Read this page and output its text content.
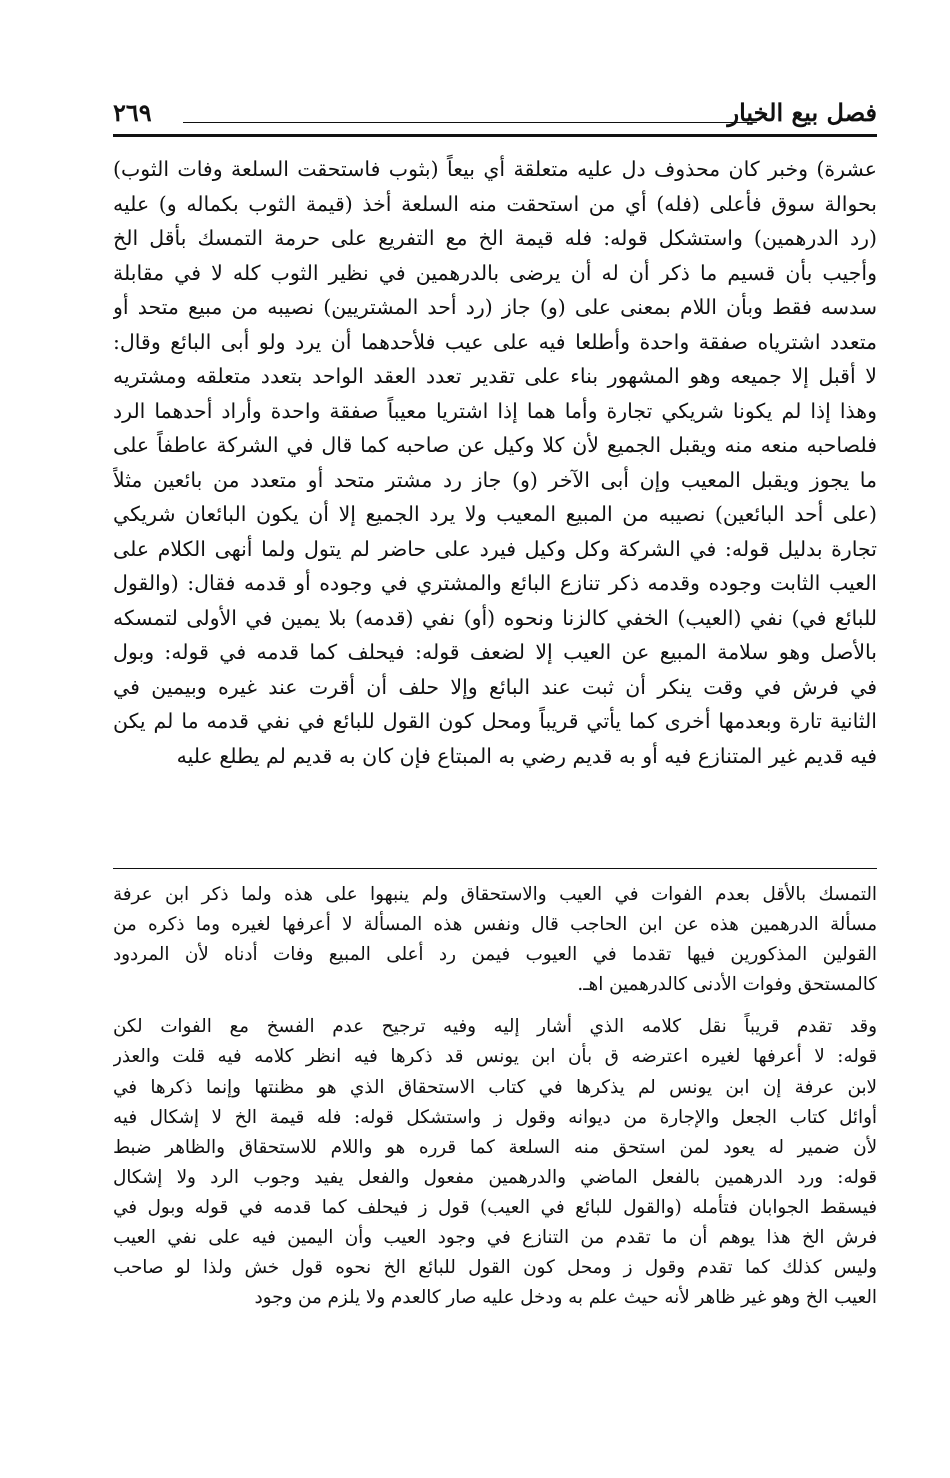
فصل بيع الخيار
٢٦٩
عشرة) وخبر كان محذوف دل عليه متعلقة أي بيعاً (بثوب فاستحقت السلعة وفات الثوب)
بحوالة سوق فأعلى (فله) أي من استحقت منه السلعة أخذ (قيمة الثوب بكماله و) عليه
(رد الدرهمين) واستشكل قوله: فله قيمة الخ مع التفريع على حرمة التمسك بأقل الخ
وأجيب بأن قسيم ما ذكر أن له أن يرضى بالدرهمين في نظير الثوب كله لا في مقابلة
سدسه فقط وبأن اللام بمعنى على (و) جاز (رد أحد المشتريين) نصيبه من مبيع متحد أو
متعدد اشترياه صفقة واحدة وأطلعا فيه على عيب فلأحدهما أن يرد ولو أبى البائع وقال:
لا أقبل إلا جميعه وهو المشهور بناء على تقدير تعدد العقد الواحد بتعدد متعلقه ومشتريه
وهذا إذا لم يكونا شريكي تجارة وأما هما إذا اشتريا معيباً صفقة واحدة وأراد أحدهما الرد
فلصاحبه منعه منه ويقبل الجميع لأن كلا وكيل عن صاحبه كما قال في الشركة عاطفاً على
ما يجوز ويقبل المعيب وإن أبى الآخر (و) جاز رد مشتر متحد أو متعدد من بائعين مثلاً
(على أحد البائعين) نصيبه من المبيع المعيب ولا يرد الجميع إلا أن يكون البائعان شريكي
تجارة بدليل قوله: في الشركة وكل وكيل فيرد على حاضر لم يتول ولما أنهى الكلام على
العيب الثابت وجوده وقدمه ذكر تنازع البائع والمشتري في وجوده أو قدمه فقال: (والقول
للبائع في) نفي (العيب) الخفي كالزنا ونحوه (أو) نفي (قدمه) بلا يمين في الأولى لتمسكه
بالأصل وهو سلامة المبيع عن العيب إلا لضعف قوله: فيحلف كما قدمه في قوله: وبول
في فرش في وقت ينكر أن ثبت عند البائع وإلا حلف أن أقرت عند غيره وبيمين في
الثانية تارة وبعدمها أخرى كما يأتي قريباً ومحل كون القول للبائع في نفي قدمه ما لم يكن
فيه قديم غير المتنازع فيه أو به قديم رضي به المبتاع فإن كان به قديم لم يطلع عليه
التمسك بالأقل بعدم الفوات في العيب والاستحقاق ولم ينبهوا على هذه ولما ذكر ابن عرفة
مسألة الدرهمين هذه عن ابن الحاجب قال ونفس هذه المسألة لا أعرفها لغيره وما ذكره من
القولين المذكورين فيها تقدما في العيوب فيمن رد أعلى المبيع وفات أدناه لأن المردود
كالمستحق وفوات الأدنى كالدرهمين اهـ.
وقد تقدم قريباً نقل كلامه الذي أشار إليه وفيه ترجيح عدم الفسخ مع الفوات لكن
قوله: لا أعرفها لغيره اعترضه ق بأن ابن يونس قد ذكرها فيه انظر كلامه فيه قلت والعذر
لابن عرفة إن ابن يونس لم يذكرها في كتاب الاستحقاق الذي هو مظنتها وإنما ذكرها في
أوائل كتاب الجعل والإجارة من ديوانه وقول ز واستشكل قوله: فله قيمة الخ لا إشكال فيه
لأن ضمير له يعود لمن استحق منه السلعة كما قرره هو واللام للاستحقاق والظاهر ضبط
قوله: ورد الدرهمين بالفعل الماضي والدرهمين مفعول والفعل يفيد وجوب الرد ولا إشكال
فيسقط الجوابان فتأمله (والقول للبائع في العيب) قول ز فيحلف كما قدمه في قوله وبول في
فرش الخ هذا يوهم أن ما تقدم من التنازع في وجود العيب وأن اليمين فيه على نفي العيب
وليس كذلك كما تقدم وقول ز ومحل كون القول للبائع الخ نحوه قول خش ولذا لو صاحب
العيب الخ وهو غير ظاهر لأنه حيث علم به ودخل عليه صار كالعدم ولا يلزم من وجود
